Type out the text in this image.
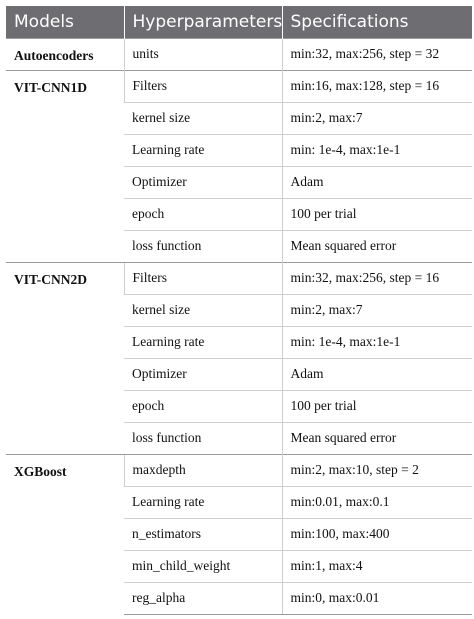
Models	Hyperparameters	Specifications
Autoencoders	units	min:32, max:256, step = 32
VIT-CNN1D	Filters	min:16, max:128, step = 16
	kernel size	min:2, max:7
	Learning rate	min: 1e-4, max:1e-1
	Optimizer	Adam
	epoch	100 per trial
	loss function	Mean squared error
VIT-CNN2D	Filters	min:32, max:256, step = 16
	kernel size	min:2, max:7
	Learning rate	min: 1e-4, max:1e-1
	Optimizer	Adam
	epoch	100 per trial
	loss function	Mean squared error
XGBoost	maxdepth	min:2, max:10, step = 2
	Learning rate	min:0.01, max:0.1
	n_estimators	min:100, max:400
	min_child_weight	min:1, max:4
	reg_alpha	min:0, max:0.01
